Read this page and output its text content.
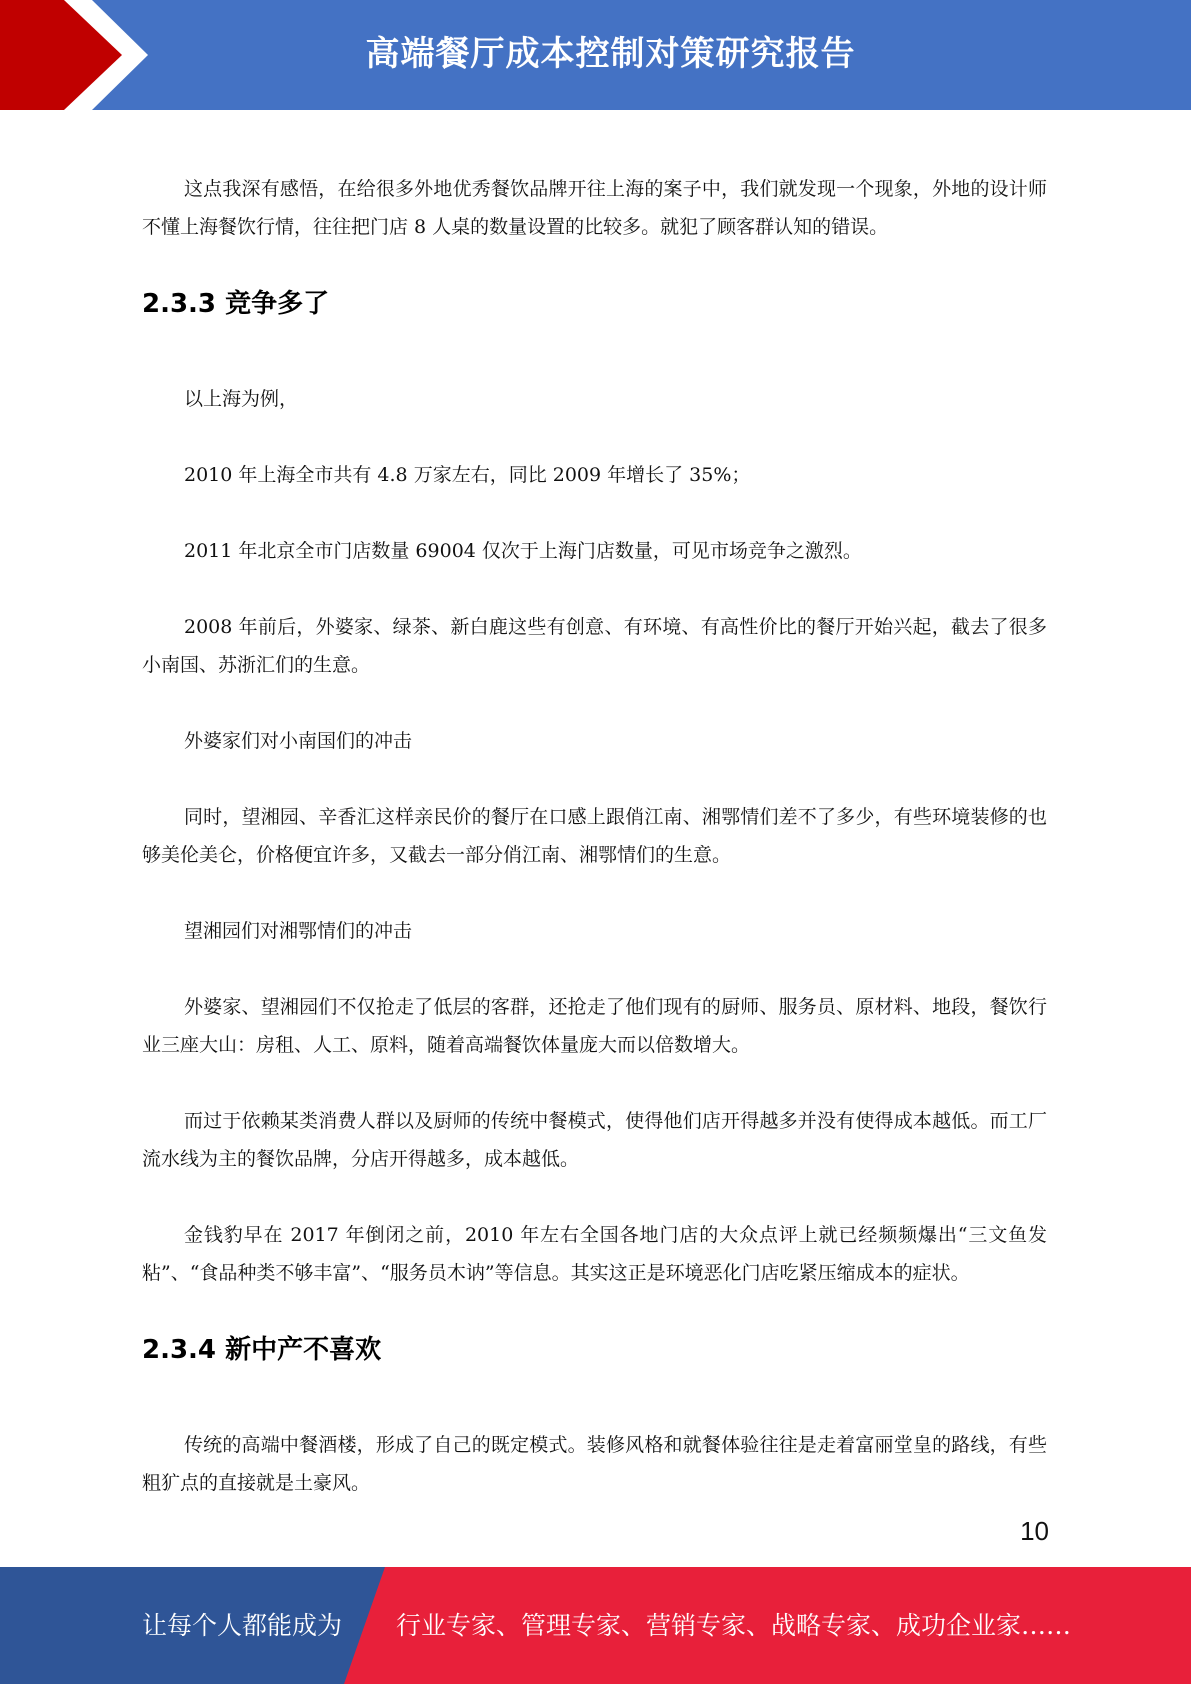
高端餐厅成本控制对策研究报告

这点我深有感悟，在给很多外地优秀餐饮品牌开往上海的案子中，我们就发现一个现象，外地的设计师不懂上海餐饮行情，往往把门店 8 人桌的数量设置的比较多。就犯了顾客群认知的错误。

2.3.3 竞争多了

以上海为例，

2010 年上海全市共有 4.8 万家左右，同比 2009 年增长了 35%；

2011 年北京全市门店数量 69004 仅次于上海门店数量，可见市场竞争之激烈。

2008 年前后，外婆家、绿茶、新白鹿这些有创意、有环境、有高性价比的餐厅开始兴起，截去了很多小南国、苏浙汇们的生意。

外婆家们对小南国们的冲击

同时，望湘园、辛香汇这样亲民价的餐厅在口感上跟俏江南、湘鄂情们差不了多少，有些环境装修的也够美伦美仑，价格便宜许多，又截去一部分俏江南、湘鄂情们的生意。

望湘园们对湘鄂情们的冲击

外婆家、望湘园们不仅抢走了低层的客群，还抢走了他们现有的厨师、服务员、原材料、地段，餐饮行业三座大山：房租、人工、原料，随着高端餐饮体量庞大而以倍数增大。

而过于依赖某类消费人群以及厨师的传统中餐模式，使得他们店开得越多并没有使得成本越低。而工厂流水线为主的餐饮品牌，分店开得越多，成本越低。

金钱豹早在 2017 年倒闭之前，2010 年左右全国各地门店的大众点评上就已经频频爆出“三文鱼发粘”、“食品种类不够丰富”、“服务员木讷”等信息。其实这正是环境恶化门店吃紧压缩成本的症状。

2.3.4 新中产不喜欢

传统的高端中餐酒楼，形成了自己的既定模式。装修风格和就餐体验往往是走着富丽堂皇的路线，有些粗犷点的直接就是土豪风。

10
让每个人都能成为 行业专家、管理专家、营销专家、战略专家、成功企业家……
